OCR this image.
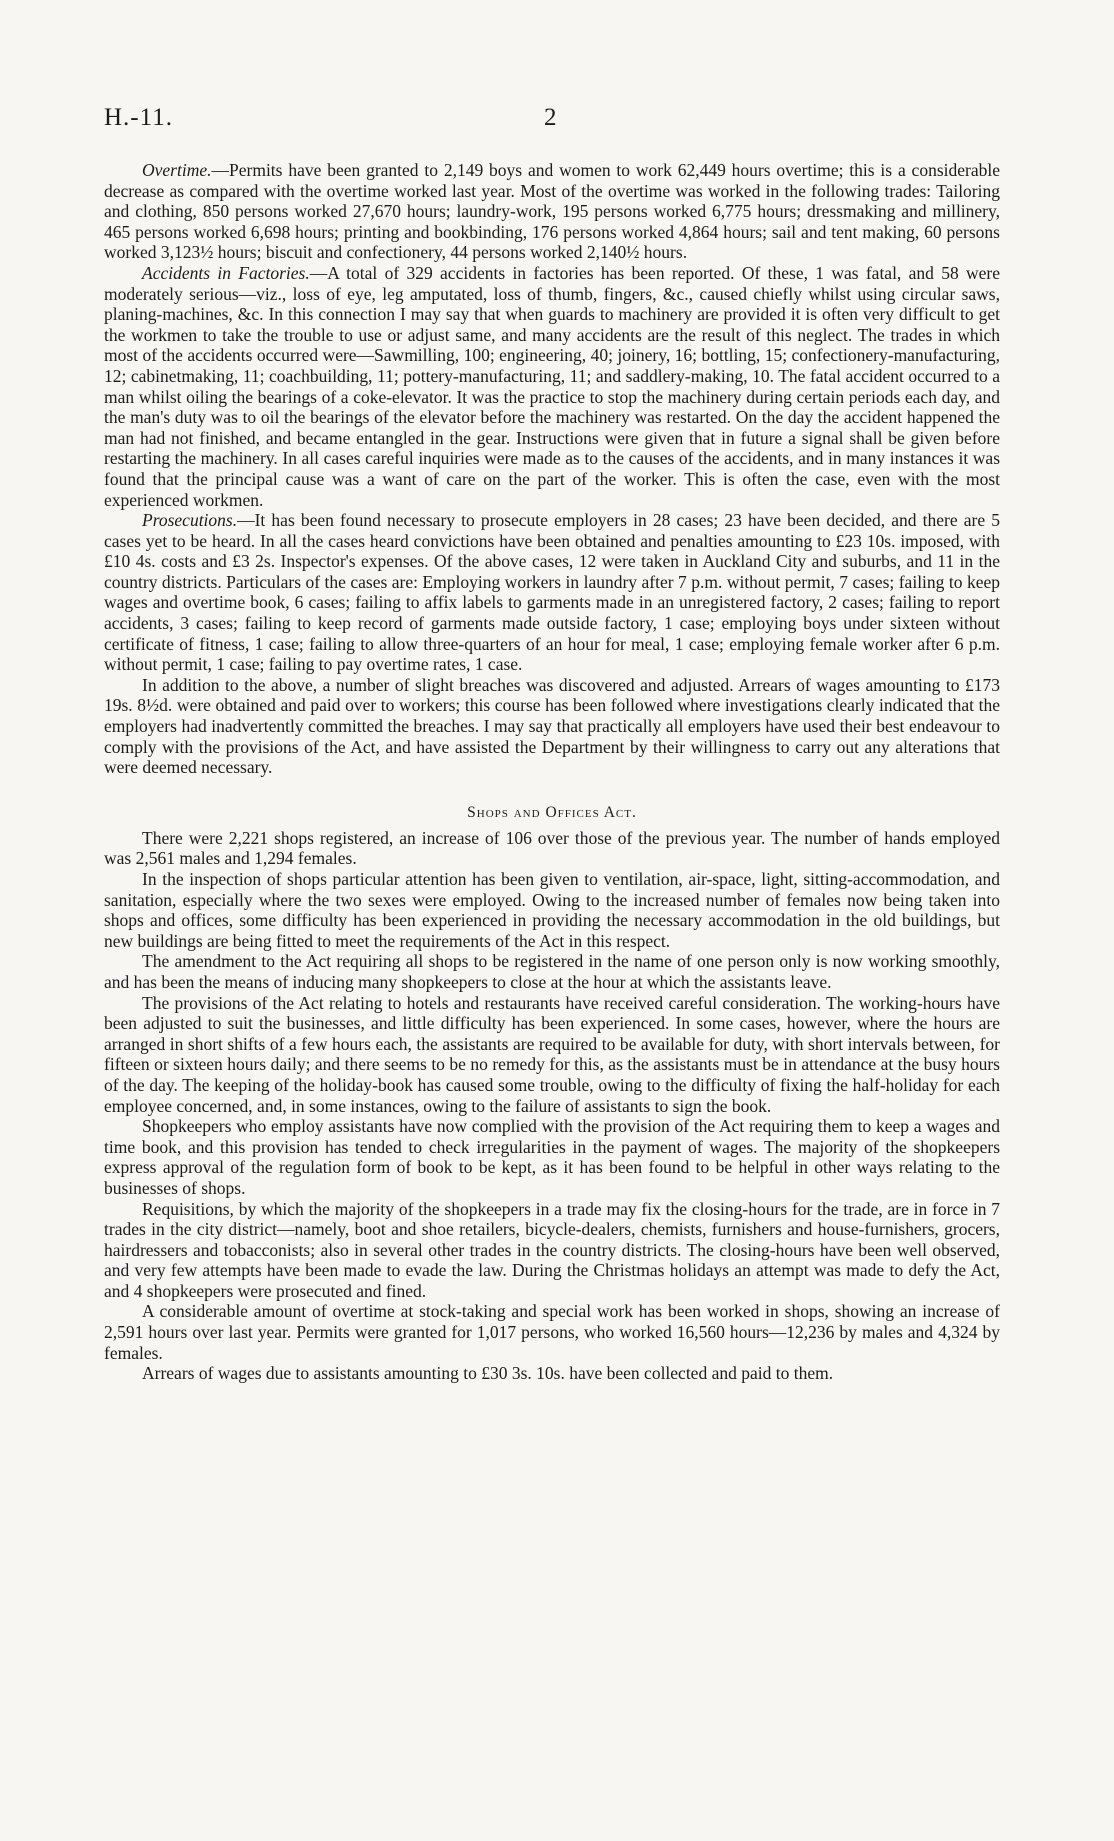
H.-11.	2

Overtime.—Permits have been granted to 2,149 boys and women to work 62,449 hours overtime; this is a considerable decrease as compared with the overtime worked last year. Most of the overtime was worked in the following trades: Tailoring and clothing, 850 persons worked 27,670 hours; laundry-work, 195 persons worked 6,775 hours; dressmaking and millinery, 465 persons worked 6,698 hours; printing and bookbinding, 176 persons worked 4,864 hours; sail and tent making, 60 persons worked 3,123½ hours; biscuit and confectionery, 44 persons worked 2,140½ hours.

Accidents in Factories.—A total of 329 accidents in factories has been reported. Of these, 1 was fatal, and 58 were moderately serious—viz., loss of eye, leg amputated, loss of thumb, fingers, &c., caused chiefly whilst using circular saws, planing-machines, &c. In this connection I may say that when guards to machinery are provided it is often very difficult to get the workmen to take the trouble to use or adjust same, and many accidents are the result of this neglect. The trades in which most of the accidents occurred were—Sawmilling, 100; engineering, 40; joinery, 16; bottling, 15; confectionery-manufacturing, 12; cabinetmaking, 11; coachbuilding, 11; pottery-manufacturing, 11; and saddlery-making, 10. The fatal accident occurred to a man whilst oiling the bearings of a coke-elevator. It was the practice to stop the machinery during certain periods each day, and the man's duty was to oil the bearings of the elevator before the machinery was restarted. On the day the accident happened the man had not finished, and became entangled in the gear. Instructions were given that in future a signal shall be given before restarting the machinery. In all cases careful inquiries were made as to the causes of the accidents, and in many instances it was found that the principal cause was a want of care on the part of the worker. This is often the case, even with the most experienced workmen.

Prosecutions.—It has been found necessary to prosecute employers in 28 cases; 23 have been decided, and there are 5 cases yet to be heard. In all the cases heard convictions have been obtained and penalties amounting to £23 10s. imposed, with £10 4s. costs and £3 2s. Inspector's expenses. Of the above cases, 12 were taken in Auckland City and suburbs, and 11 in the country districts. Particulars of the cases are: Employing workers in laundry after 7 p.m. without permit, 7 cases; failing to keep wages and overtime book, 6 cases; failing to affix labels to garments made in an unregistered factory, 2 cases; failing to report accidents, 3 cases; failing to keep record of garments made outside factory, 1 case; employing boys under sixteen without certificate of fitness, 1 case; failing to allow three-quarters of an hour for meal, 1 case; employing female worker after 6 p.m. without permit, 1 case; failing to pay overtime rates, 1 case.

In addition to the above, a number of slight breaches was discovered and adjusted. Arrears of wages amounting to £173 19s. 8½d. were obtained and paid over to workers; this course has been followed where investigations clearly indicated that the employers had inadvertently committed the breaches. I may say that practically all employers have used their best endeavour to comply with the provisions of the Act, and have assisted the Department by their willingness to carry out any alterations that were deemed necessary.

Shops and Offices Act.

There were 2,221 shops registered, an increase of 106 over those of the previous year. The number of hands employed was 2,561 males and 1,294 females.

In the inspection of shops particular attention has been given to ventilation, air-space, light, sitting-accommodation, and sanitation, especially where the two sexes were employed. Owing to the increased number of females now being taken into shops and offices, some difficulty has been experienced in providing the necessary accommodation in the old buildings, but new buildings are being fitted to meet the requirements of the Act in this respect.

The amendment to the Act requiring all shops to be registered in the name of one person only is now working smoothly, and has been the means of inducing many shopkeepers to close at the hour at which the assistants leave.

The provisions of the Act relating to hotels and restaurants have received careful consideration. The working-hours have been adjusted to suit the businesses, and little difficulty has been experienced. In some cases, however, where the hours are arranged in short shifts of a few hours each, the assistants are required to be available for duty, with short intervals between, for fifteen or sixteen hours daily; and there seems to be no remedy for this, as the assistants must be in attendance at the busy hours of the day. The keeping of the holiday-book has caused some trouble, owing to the difficulty of fixing the half-holiday for each employee concerned, and, in some instances, owing to the failure of assistants to sign the book.

Shopkeepers who employ assistants have now complied with the provision of the Act requiring them to keep a wages and time book, and this provision has tended to check irregularities in the payment of wages. The majority of the shopkeepers express approval of the regulation form of book to be kept, as it has been found to be helpful in other ways relating to the businesses of shops.

Requisitions, by which the majority of the shopkeepers in a trade may fix the closing-hours for the trade, are in force in 7 trades in the city district—namely, boot and shoe retailers, bicycle-dealers, chemists, furnishers and house-furnishers, grocers, hairdressers and tobacconists; also in several other trades in the country districts. The closing-hours have been well observed, and very few attempts have been made to evade the law. During the Christmas holidays an attempt was made to defy the Act, and 4 shopkeepers were prosecuted and fined.

A considerable amount of overtime at stock-taking and special work has been worked in shops, showing an increase of 2,591 hours over last year. Permits were granted for 1,017 persons, who worked 16,560 hours—12,236 by males and 4,324 by females.

Arrears of wages due to assistants amounting to £30 3s. 10s. have been collected and paid to them.
